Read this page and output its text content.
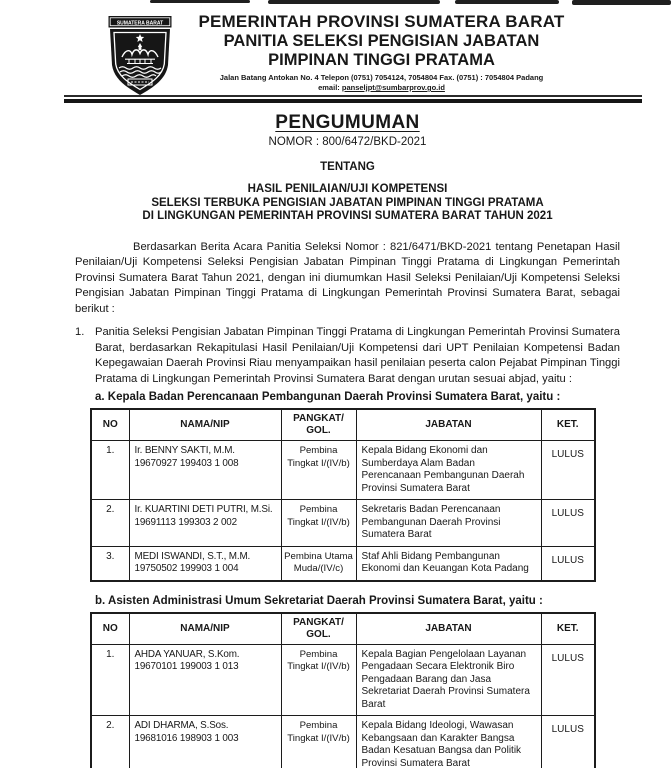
SUMATERA BARAT	PEMERINTAH PROVINSI SUMATERA BARAT
PANITIA SELEKSI PENGISIAN JABATAN
PIMPINAN TINGGI PRATAMA
Jalan Batang Antokan No. 4 Telepon (0751) 7054124, 7054804 Fax. (0751) : 7054804 Padang
email: panseljpt@sumbarprov.go.id
PENGUMUMAN
NOMOR : 800/6472/BKD-2021
TENTANG
HASIL PENILAIAN/UJI KOMPETENSI
SELEKSI TERBUKA PENGISIAN JABATAN PIMPINAN TINGGI PRATAMA
DI LINGKUNGAN PEMERINTAH PROVINSI SUMATERA BARAT TAHUN 2021

Berdasarkan Berita Acara Panitia Seleksi Nomor : 821/6471/BKD-2021 tentang Penetapan Hasil Penilaian/Uji Kompetensi Seleksi Pengisian Jabatan Pimpinan Tinggi Pratama di Lingkungan Pemerintah Provinsi Sumatera Barat Tahun 2021, dengan ini diumumkan Hasil Seleksi Penilaian/Uji Kompetensi Seleksi Pengisian Jabatan Pimpinan Tinggi Pratama di Lingkungan Pemerintah Provinsi Sumatera Barat, sebagai berikut :

1. Panitia Seleksi Pengisian Jabatan Pimpinan Tinggi Pratama di Lingkungan Pemerintah Provinsi Sumatera Barat, berdasarkan Rekapitulasi Hasil Penilaian/Uji Kompetensi dari UPT Penilaian Kompetensi Badan Kepegawaian Daerah Provinsi Riau menyampaikan hasil penilaian peserta calon Pejabat Pimpinan Tinggi Pratama di Lingkungan Pemerintah Provinsi Sumatera Barat dengan urutan sesuai abjad, yaitu :
a. Kepala Badan Perencanaan Pembangunan Daerah Provinsi Sumatera Barat, yaitu :
NO	NAMA/NIP	PANGKAT/ GOL.	JABATAN	KET.
1.	Ir. BENNY SAKTI, M.M.
19670927 199403 1 008	Pembina Tingkat I/(IV/b)	Kepala Bidang Ekonomi dan Sumberdaya Alam Badan Perencanaan Pembangunan Daerah Provinsi Sumatera Barat	LULUS
2.	Ir. KUARTINI DETI PUTRI, M.Si.
19691113 199303 2 002	Pembina Tingkat I/(IV/b)	Sekretaris Badan Perencanaan Pembangunan Daerah Provinsi Sumatera Barat	LULUS
3.	MEDI ISWANDI, S.T., M.M.
19750502 199903 1 004	Pembina Utama Muda/(IV/c)	Staf Ahli Bidang Pembangunan Ekonomi dan Keuangan Kota Padang	LULUS
b. Asisten Administrasi Umum Sekretariat Daerah Provinsi Sumatera Barat, yaitu :
NO	NAMA/NIP	PANGKAT/ GOL.	JABATAN	KET.
1.	AHDA YANUAR, S.Kom.
19670101 199003 1 013	Pembina Tingkat I/(IV/b)	Kepala Bagian Pengelolaan Layanan Pengadaan Secara Elektronik Biro Pengadaan Barang dan Jasa Sekretariat Daerah Provinsi Sumatera Barat	LULUS
2.	ADI DHARMA, S.Sos.
19681016 198903 1 003	Pembina Tingkat I/(IV/b)	Kepala Bidang Ideologi, Wawasan Kebangsaan dan Karakter Bangsa Badan Kesatuan Bangsa dan Politik Provinsi Sumatera Barat	LULUS
